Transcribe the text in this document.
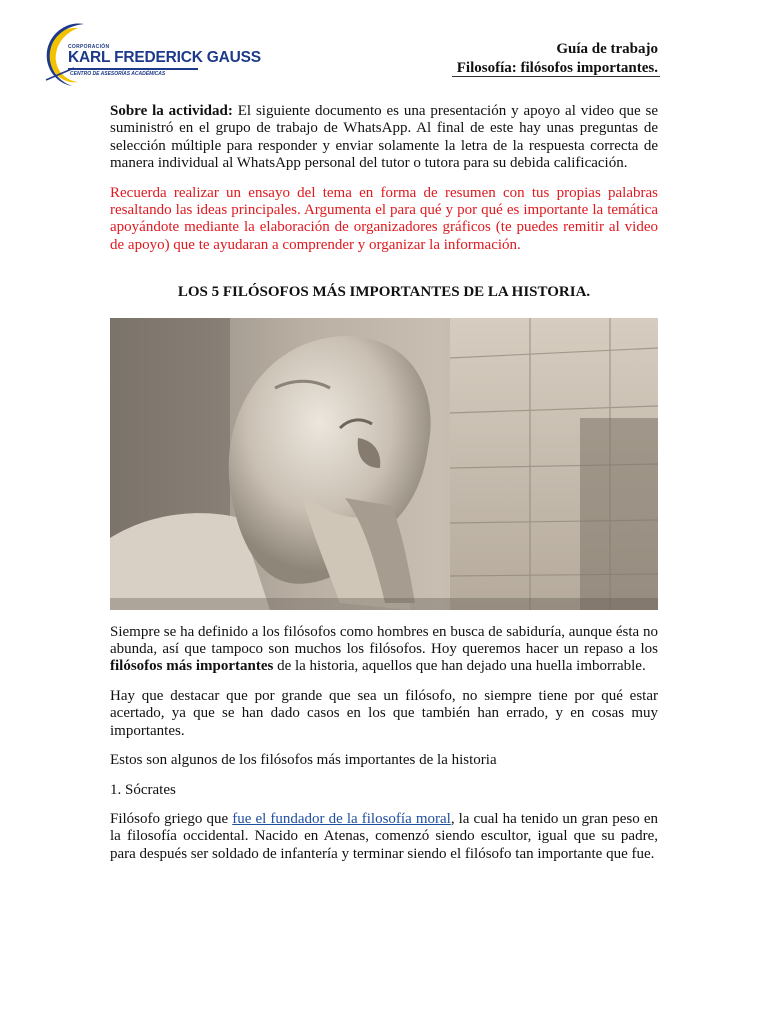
CORPORACIÓN
KARL FREDERICK GAUSS
CENTRO DE ASESORÍAS ACADÉMICAS
Guía de trabajo
Filosofía: filósofos importantes.

Sobre la actividad: El siguiente documento es una presentación y apoyo al video que se suministró en el grupo de trabajo de WhatsApp. Al final de este hay unas preguntas de selección múltiple para responder y enviar solamente la letra de la respuesta correcta de manera individual al WhatsApp personal del tutor o tutora para su debida calificación.

Recuerda realizar un ensayo del tema en forma de resumen con tus propias palabras resaltando las ideas principales. Argumenta el para qué y por qué es importante la temática apoyándote mediante la elaboración de organizadores gráficos (te puedes remitir al video de apoyo) que te ayudaran a comprender y organizar la información.

LOS 5 FILÓSOFOS MÁS IMPORTANTES DE LA HISTORIA.

Siempre se ha definido a los filósofos como hombres en busca de sabiduría, aunque ésta no abunda, así que tampoco son muchos los filósofos. Hoy queremos hacer un repaso a los filósofos más importantes de la historia, aquellos que han dejado una huella imborrable.

Hay que destacar que por grande que sea un filósofo, no siempre tiene por qué estar acertado, ya que se han dado casos en los que también han errado, y en cosas muy importantes.

Estos son algunos de los filósofos más importantes de la historia

1. Sócrates

Filósofo griego que fue el fundador de la filosofía moral, la cual ha tenido un gran peso en la filosofía occidental. Nacido en Atenas, comenzó siendo escultor, igual que su padre, para después ser soldado de infantería y terminar siendo el filósofo tan importante que fue.
